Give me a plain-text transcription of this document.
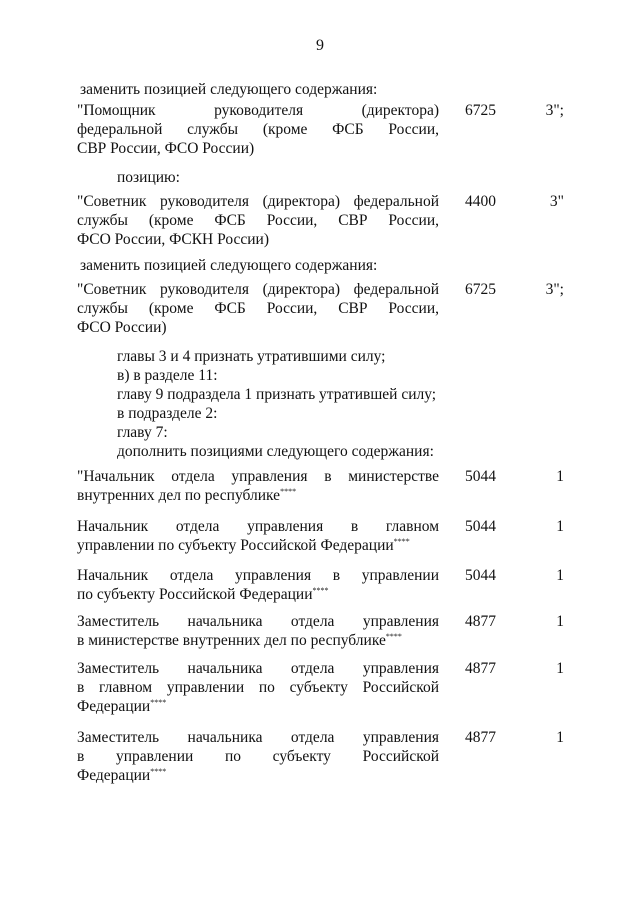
9
заменить позицией следующего содержания:
"Помощник руководителя (директора)
федеральной службы (кроме ФСБ России,
СВР России, ФСО России)
6725	3";
позицию:
"Советник руководителя (директора) федеральной
службы (кроме ФСБ России, СВР России,
ФСО России, ФСКН России)
4400	3"
заменить позицией следующего содержания:
"Советник руководителя (директора) федеральной
службы (кроме ФСБ России, СВР России,
ФСО России)
6725	3";
главы 3 и 4 признать утратившими силу;
в) в разделе 11:
главу 9 подраздела 1 признать утратившей силу;
в подразделе 2:
главу 7:
дополнить позициями следующего содержания:
"Начальник отдела управления в министерстве
внутренних дел по республике****
5044	1
Начальник отдела управления в главном
управлении по субъекту Российской Федерации****
5044	1
Начальник отдела управления в управлении
по субъекту Российской Федерации****
5044	1
Заместитель начальника отдела управления
в министерстве внутренних дел по республике****
4877	1
Заместитель начальника отдела управления
в главном управлении по субъекту Российской
Федерации****
4877	1
Заместитель начальника отдела управления
в управлении по субъекту Российской
Федерации****
4877	1
